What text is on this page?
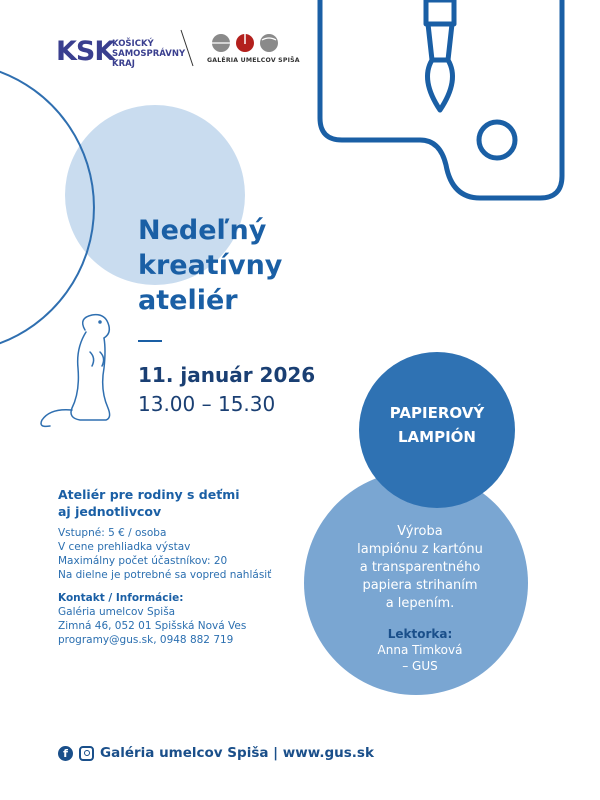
KSK
KOŠICKÝ
SAMOSPRÁVNY
KRAJ	GALÉRIA UMELCOV SPIŠA
Nedeľný
kreatívny
ateliér
11. január 2026
13.00 – 15.30	PAPIEROVÝ
LAMPIÓN
Výroba
lampiónu z kartónu
a transparentného
papiera strihaním
a lepením.
Lektorka:
Anna Timková
– GUS
Ateliér pre rodiny s deťmi
aj jednotlivcov
Vstupné: 5 € / osoba
V cene prehliadka výstav
Maximálny počet účastníkov: 20
Na dielne je potrebné sa vopred nahlásiť
Kontakt / Informácie:
Galéria umelcov Spiša
Zimná 46, 052 01 Spišská Nová Ves
programy@gus.sk, 0948 882 719
f	Galéria umelcov Spiša | www.gus.sk
